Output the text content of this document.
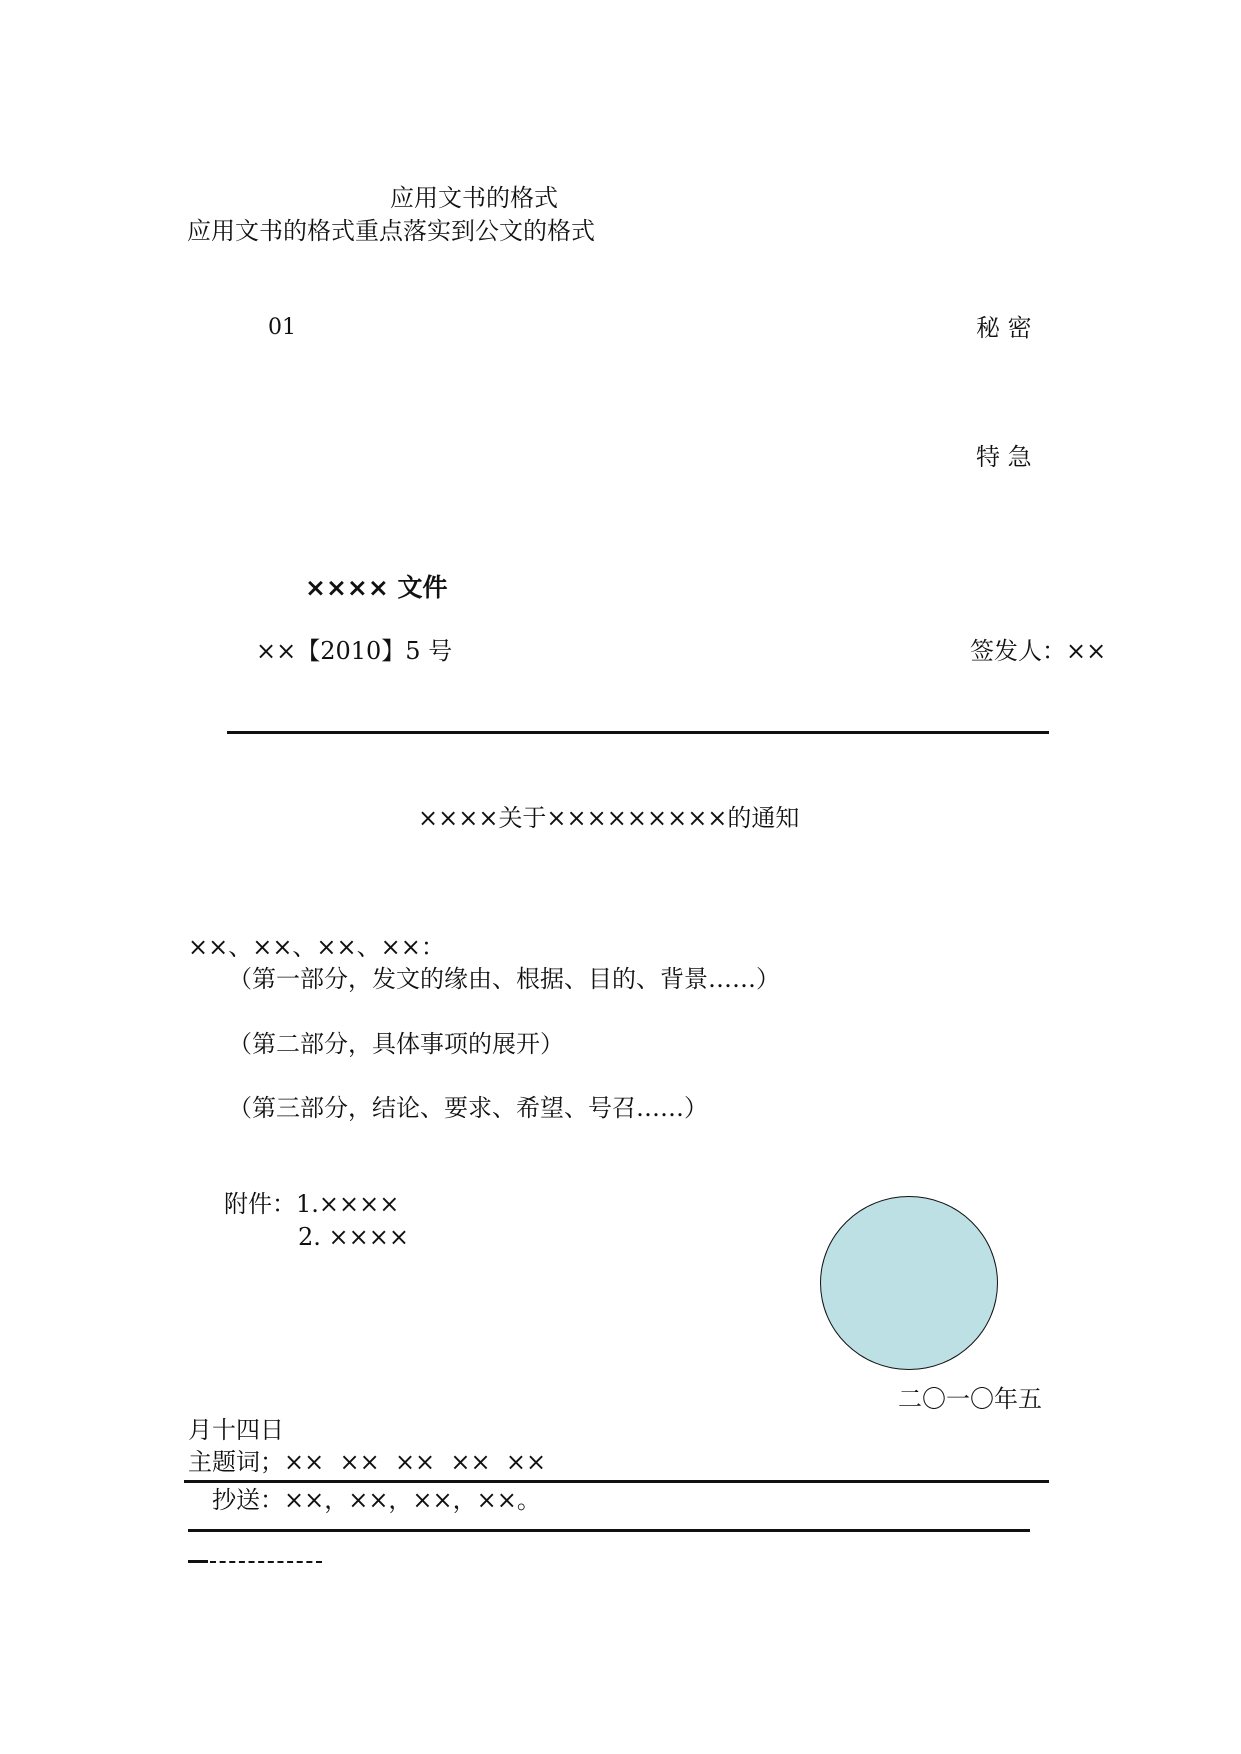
应用文书的格式
应用文书的格式重点落实到公文的格式
01	秘 密
特 急
×××× 文件
××【2010】5 号	签发人：××
××××关于×××××××××的通知
××、××、××、××：
（第一部分，发文的缘由、根据、目的、背景……）
（第二部分，具体事项的展开）
（第三部分，结论、要求、希望、号召……）
附件：1.××××
2. ××××
二〇一〇年五
月十四日
主题词；××  ××  ××  ××  ××
抄送：××，××，××，××。
